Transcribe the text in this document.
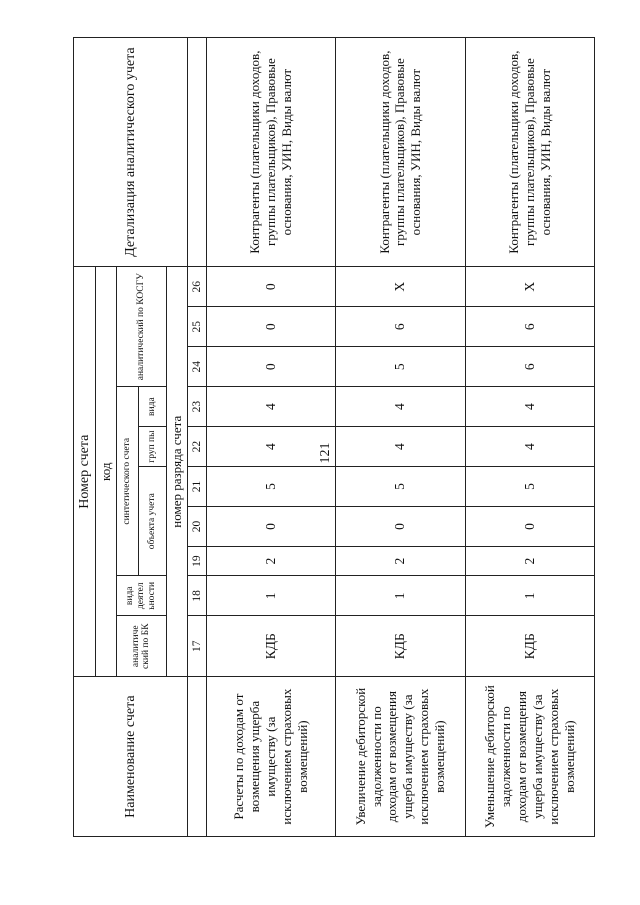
121
Наименование счета	Номер счета										Детализация аналитического учета
	код										
	аналитиче ский по БК	вида деятел ьности	синтетического счета					аналитический по КОСГУ			
			объекта учета			груп пы	вида				
	номер разряда счета										
	17	18	19	20	21	22	23	24	25	26	
Расчеты по доходам от возмещения ущерба имуществу (за исключением страховых возмещений)	КДБ	1	2	0	5	4	4	0	0	0	Контрагенты (плательщики доходов, группы плательщиков), Правовые основания, УИН, Виды валют
Увеличение дебиторской задолженности по доходам от возмещения ущерба имуществу (за исключением страховых возмещений)	КДБ	1	2	0	5	4	4	5	6	X	Контрагенты (плательщики доходов, группы плательщиков), Правовые основания, УИН, Виды валют
Уменьшение дебиторской задолженности по доходам от возмещения ущерба имуществу (за исключением страховых возмещений)	КДБ	1	2	0	5	4	4	6	6	X	Контрагенты (плательщики доходов, группы плательщиков), Правовые основания, УИН, Виды валют
